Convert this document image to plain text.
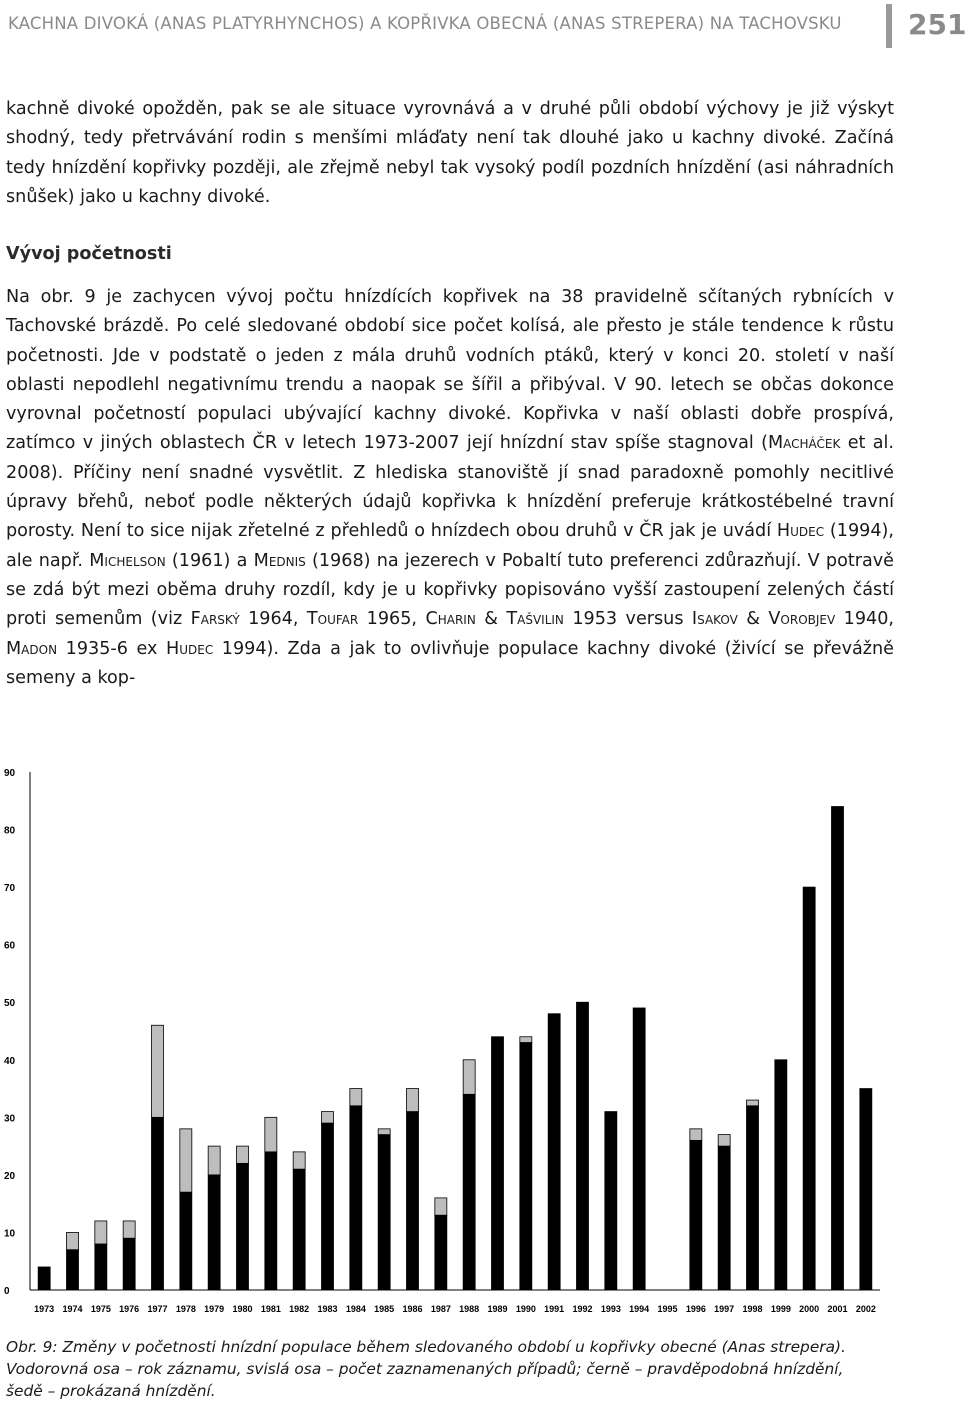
KACHNA DIVOKÁ (ANAS PLATYRHYNCHOS) A KOPŘIVKA OBECNÁ (ANAS STREPERA) NA TACHOVSKU 251

kachně divoké opožděn, pak se ale situace vyrovnává a v druhé půli období výchovy je již výskyt shodný, tedy přetrvávání rodin s menšími mláďaty není tak dlouhé jako u kachny divoké. Začíná tedy hnízdění kopřivky později, ale zřejmě nebyl tak vysoký podíl pozdních hnízdění (asi náhradních snůšek) jako u kachny divoké.

Vývoj početnosti

Na obr. 9 je zachycen vývoj počtu hnízdících kopřivek na 38 pravidelně sčítaných rybnících v Tachovské brázdě. Po celé sledované období sice počet kolísá, ale přesto je stále tendence k růstu početnosti. Jde v podstatě o jeden z mála druhů vodních ptáků, který v konci 20. století v naší oblasti nepodlehl negativnímu trendu a naopak se šířil a přibýval. V 90. letech se občas dokonce vyrovnal početností populaci ubývající kachny divoké. Kopřivka v naší oblasti dobře prospívá, zatímco v jiných oblastech ČR v letech 1973-2007 její hnízdní stav spíše stagnoval (Macháček et al. 2008). Příčiny není snadné vysvětlit. Z hlediska stanoviště jí snad paradoxně pomohly necitlivé úpravy břehů, neboť podle některých údajů kopřivka k hnízdění preferuje krátkostébelné travní porosty. Není to sice nijak zřetelné z přehledů o hnízdech obou druhů v ČR jak je uvádí Hudec (1994), ale např. Michelson (1961) a Mednis (1968) na jezerech v Pobaltí tuto preferenci zdůrazňují. V potravě se zdá být mezi oběma druhy rozdíl, kdy je u kopřivky popisováno vyšší zastoupení zelených částí proti semenům (viz Farský 1964, Toufar 1965, Charin & Tašvilin 1953 versus Isakov & Vorobjev 1940, Madon 1935-6 ex Hudec 1994). Zda a jak to ovlivňuje populace kachny divoké (živící se převážně semeny a kop-

0
10
20
30
40
50
60
70
80
90
1973 1974 1975 1976 1977 1978 1979 1980 1981 1982 1983 1984 1985 1986 1987 1988 1989 1990 1991 1992 1993 1994 1995 1996 1997 1998 1999 2000 2001 2002

Obr. 9: Změny v početnosti hnízdní populace během sledovaného období u kopřivky obecné (Anas strepera).
Vodorovná osa – rok záznamu, svislá osa – počet zaznamenaných případů; černě – pravděpodobná hnízdění,
šedě – prokázaná hnízdění.
